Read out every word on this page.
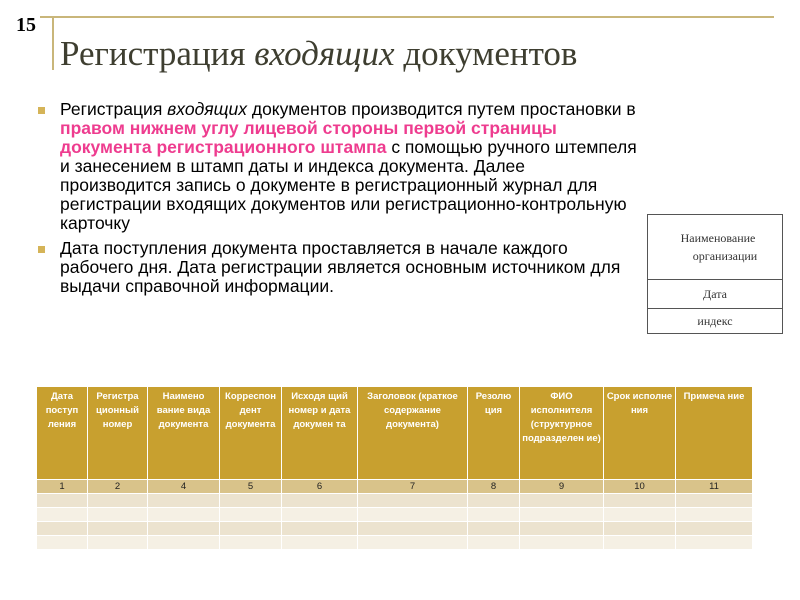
15
Регистрация входящих документов
Регистрация входящих документов производится путем простановки в правом нижнем углу лицевой стороны первой страницы документа регистрационного штампа с помощью ручного штемпеля и занесением в штамп даты и индекса документа. Далее производится запись о документе в регистрационный журнал для регистрации входящих документов или регистрационно-контрольную карточку
Дата поступления документа проставляется в начале каждого рабочего дня. Дата регистрации является основным источником для выдачи справочной информации.
Наименование
организации
Дата
индекс
Дата поступ ления	Регистра ционный номер	Наимено вание вида документа	Корреспон дент документа	Исходя щий номер и дата докумен та	Заголовок (краткое содержание документа)	Резолю ция	ФИО исполнителя (структурное подразделен ие)	Срок исполне ния	Примеча ние
1	2	4	5	6	7	8	9	10	11
